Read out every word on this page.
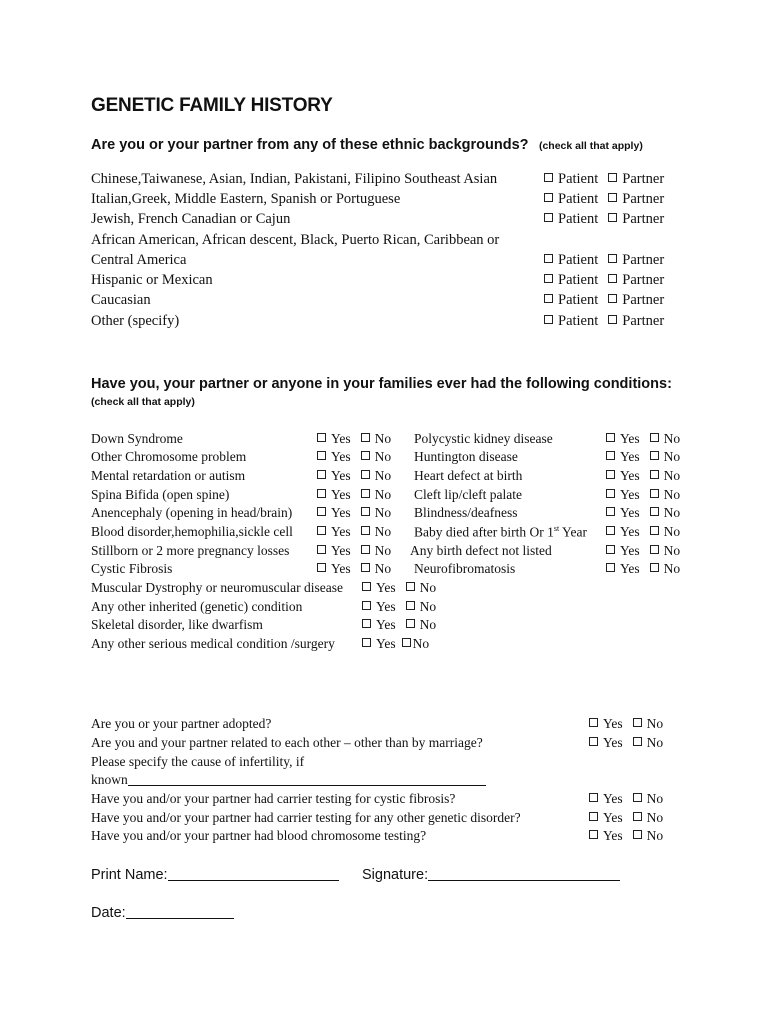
GENETIC FAMILY HISTORY
Are you or your partner from any of these ethnic backgrounds? (check all that apply)
Chinese,Taiwanese, Asian, Indian, Pakistani, Filipino Southeast Asian
Italian,Greek, Middle Eastern, Spanish or Portuguese
Jewish, French Canadian or Cajun
African American, African descent, Black, Puerto Rican, Caribbean or
Central America
Hispanic or Mexican
Caucasian
Other (specify)
Patient Partner
Patient Partner
Patient Partner
Patient Partner
Patient Partner
Patient Partner
Patient Partner
Have you, your partner or anyone in your families ever had the following conditions:
(check all that apply)
Down Syndrome
Other Chromosome problem
Mental retardation or autism
Spina Bifida (open spine)
Anencephaly (opening in head/brain)
Blood disorder,hemophilia,sickle cell
Stillborn or 2 more pregnancy losses
Cystic Fibrosis
Yes No
Yes No
Yes No
Yes No
Yes No
Yes No
Yes No
Yes No
Polycystic kidney disease
Huntington disease
Heart defect at birth
Cleft lip/cleft palate
Blindness/deafness
Baby died after birth Or 1st Year
Any birth defect not listed
Neurofibromatosis
Yes No
Yes No
Yes No
Yes No
Yes No
Yes No
Yes No
Yes No
Muscular Dystrophy or neuromuscular disease
Any other inherited (genetic) condition
Skeletal disorder, like dwarfism
Any other serious medical condition /surgery
Yes No
Yes No
Yes No
Yes No
Are you or your partner adopted?
Are you and your partner related to each other – other than by marriage?
Please specify the cause of infertility, if
known
Have you and/or your partner had carrier testing for cystic fibrosis?
Have you and/or your partner had carrier testing for any other genetic disorder?
Have you and/or your partner had blood chromosome testing?
Yes No
Yes No
Yes No
Yes No
Yes No
Print Name:	Signature:
Date:
